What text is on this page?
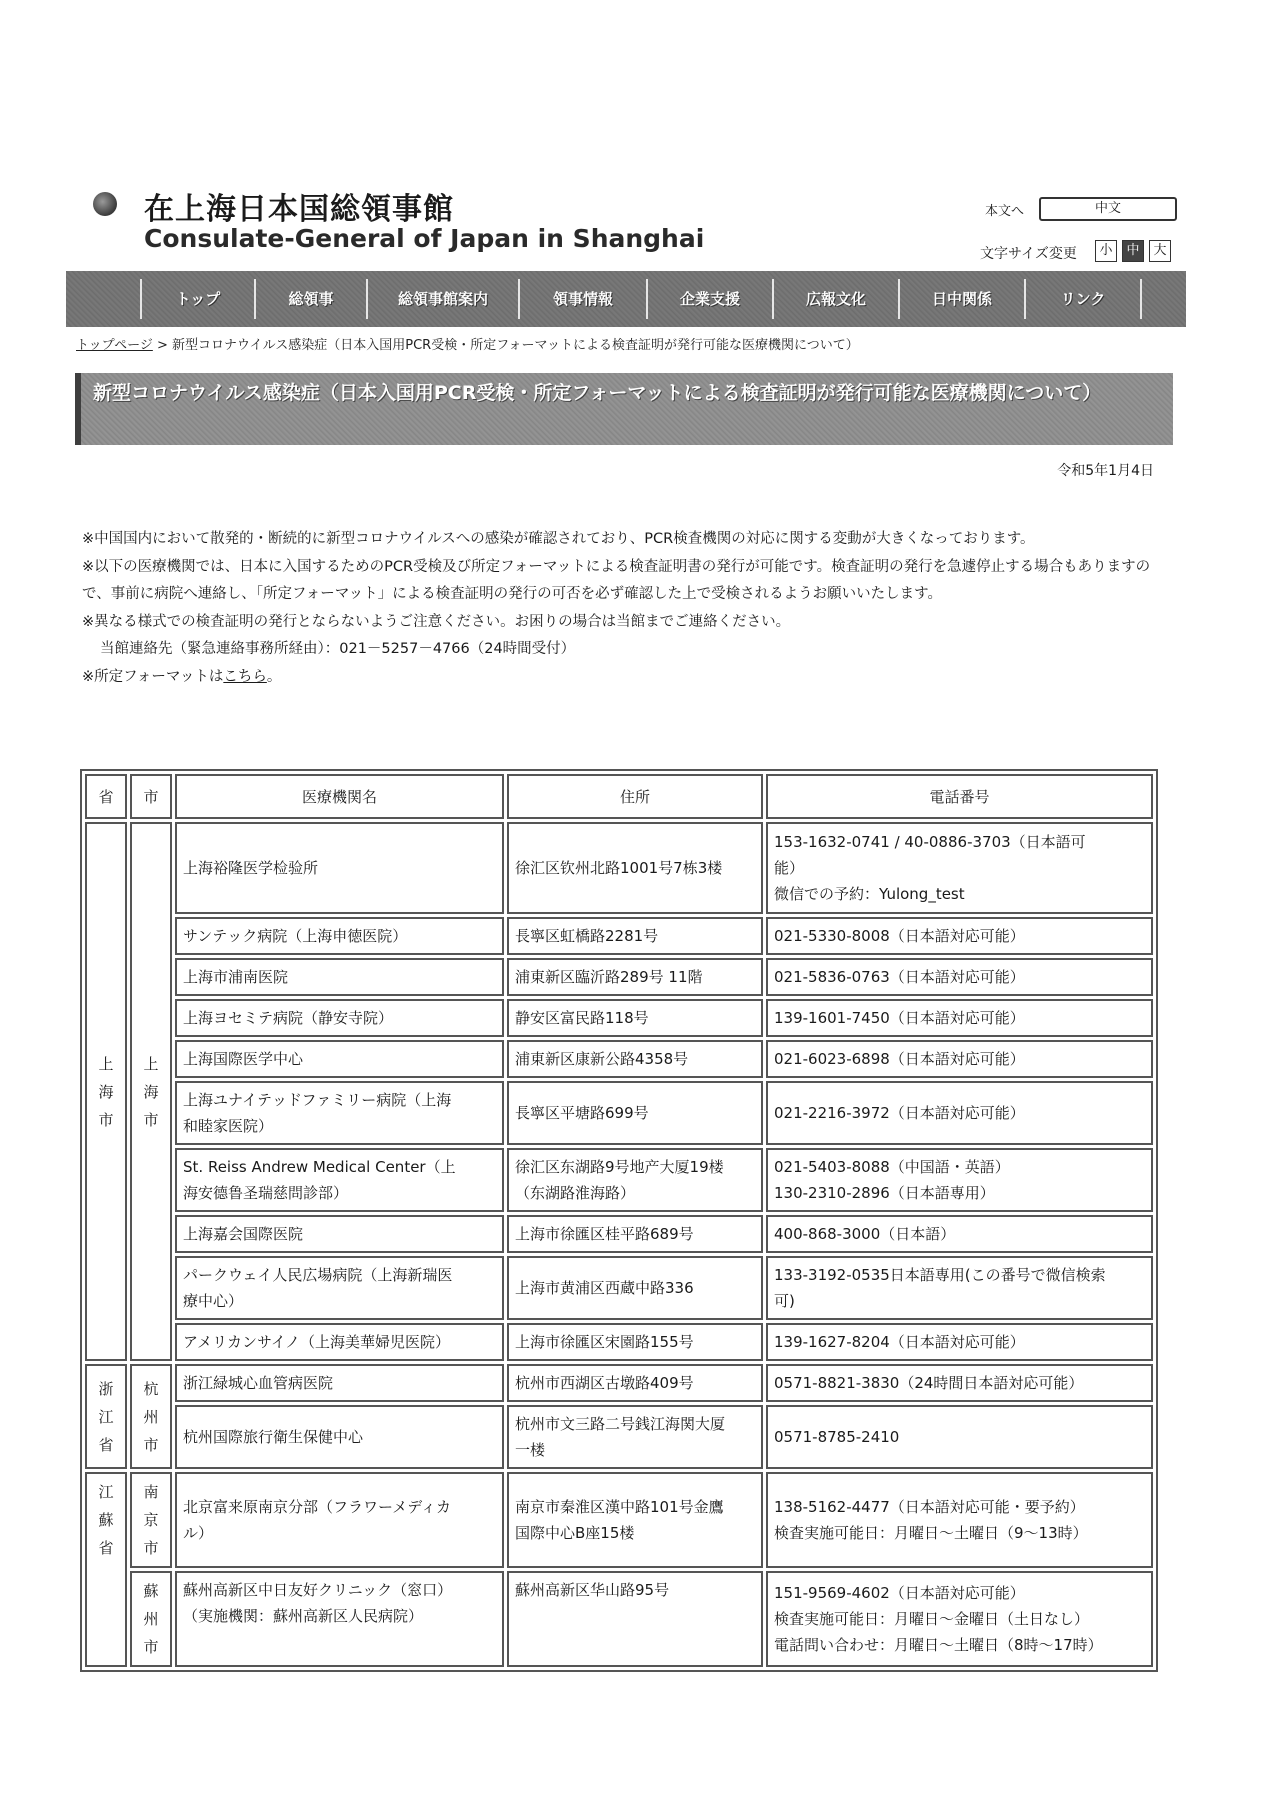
在上海日本国総領事館
Consulate-General of Japan in Shanghai
本文へ	中文
文字サイズ変更	小	中	大
トップ	総領事	総領事館案内	領事情報	企業支援	広報文化	日中関係	リンク
トップページ > 新型コロナウイルス感染症（日本入国用PCR受検・所定フォーマットによる検査証明が発行可能な医療機関について）
新型コロナウイルス感染症（日本入国用PCR受検・所定フォーマットによる検査証明が発行可能な医療機関について）
令和5年1月4日

※中国国内において散発的・断続的に新型コロナウイルスへの感染が確認されており、PCR検査機関の対応に関する変動が大きくなっております。

※以下の医療機関では、日本に入国するためのPCR受検及び所定フォーマットによる検査証明書の発行が可能です。検査証明の発行を急遽停止する場合もありますので、事前に病院へ連絡し、「所定フォーマット」による検査証明の発行の可否を必ず確認した上で受検されるようお願いいたします。

※異なる様式での検査証明の発行とならないようご注意ください。お困りの場合は当館までご連絡ください。

当館連絡先（緊急連絡事務所経由）：021－5257－4766（24時間受付）

※所定フォーマットはこちら。

省	市	医療機関名	住所	電話番号

上
海
市	上
海
市	上海裕隆医学检验所	徐汇区钦州北路1001号7栋3楼	153-1632-0741 / 40-0886-3703（日本語可
能）
微信での予約：Yulong_test

		サンテック病院（上海申徳医院）	長寧区虹橋路2281号	021-5330-8008（日本語対応可能）

		上海市浦南医院	浦東新区臨沂路289号 11階	021-5836-0763（日本語対応可能）

		上海ヨセミテ病院（静安寺院）	静安区富民路118号	139-1601-7450（日本語対応可能）

		上海国際医学中心	浦東新区康新公路4358号	021-6023-6898（日本語対応可能）

		上海ユナイテッドファミリー病院（上海
和睦家医院）	長寧区平塘路699号	021-2216-3972（日本語対応可能）

		St. Reiss Andrew Medical Center（上
海安德鲁圣瑞慈問診部）	徐汇区东湖路9号地产大厦19楼
（东湖路淮海路）	021-5403-8088（中国語・英語）
130-2310-2896（日本語専用）

		上海嘉会国際医院	上海市徐匯区桂平路689号	400-868-3000（日本語）

		パークウェイ人民広場病院（上海新瑞医
療中心）	上海市黄浦区西蔵中路336	133-3192-0535日本語専用(この番号で微信検索
可)

		アメリカンサイノ（上海美華婦児医院）	上海市徐匯区宋園路155号	139-1627-8204（日本語対応可能）

浙
江
省	杭
州
市	浙江緑城心血管病医院	杭州市西湖区古墩路409号	0571-8821-3830（24時間日本語対応可能）

		杭州国際旅行衛生保健中心	杭州市文三路二号銭江海関大厦
一楼	0571-8785-2410

江
蘇
省	南
京
市	北京富来原南京分部（フラワーメディカ
ル）	南京市秦淮区漢中路101号金鷹
国際中心B座15楼	138-5162-4477（日本語対応可能・要予約）
検査実施可能日：月曜日～土曜日（9～13時）

	蘇
州
市	蘇州高新区中日友好クリニック（窓口）
（実施機関：蘇州高新区人民病院）	蘇州高新区华山路95号	151-9569-4602（日本語対応可能）
検査実施可能日：月曜日～金曜日（土日なし）
電話問い合わせ：月曜日～土曜日（8時～17時）
